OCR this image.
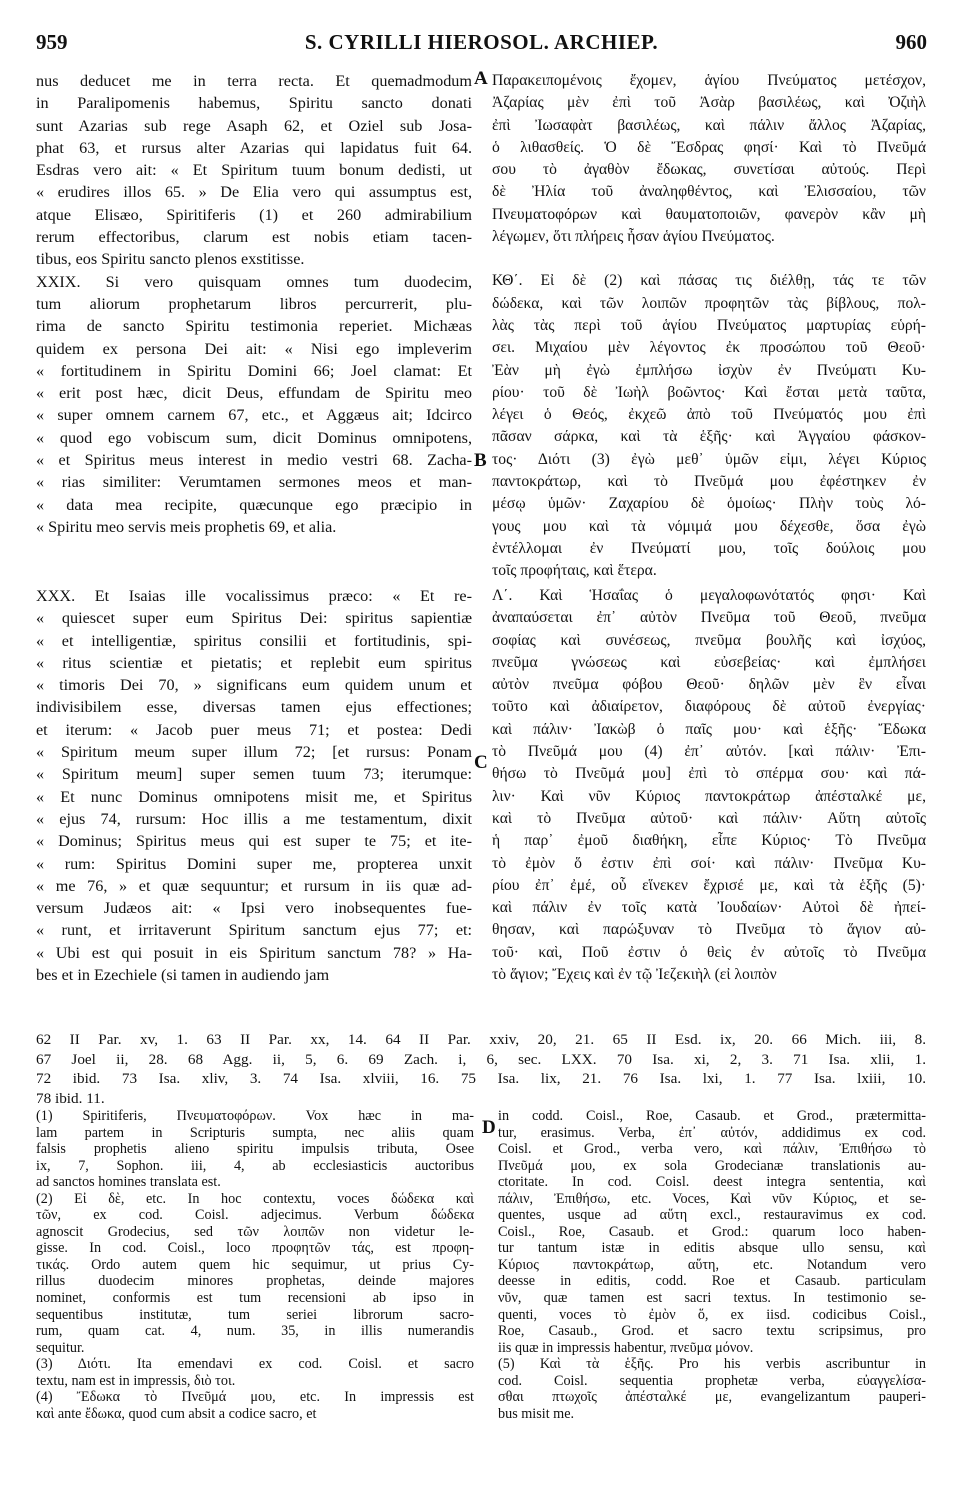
959	S. CYRILLI HIEROSOL. ARCHIEP.	960
nus deducet me in terra recta. Et quemadmodum
in Paralipomenis habemus, Spiritu sancto donati
sunt Azarias sub rege Asaph 62, et Oziel sub Josa-
phat 63, et rursus alter Azarias qui lapidatus fuit 64.
Esdras vero ait: « Et Spiritum tuum bonum dedisti, ut
« erudires illos 65. » De Elia vero qui assumptus est,
atque Elisæo, Spiritiferis (1) et 260 admirabilium
rerum effectoribus, clarum est nobis etiam tacen-
tibus, eos Spiritu sancto plenos exstitisse.
XXIX. Si vero quisquam omnes tum duodecim,
tum aliorum prophetarum libros percurrerit, plu-
rima de sancto Spiritu testimonia reperiet. Michæas
quidem ex persona Dei ait: « Nisi ego impleverim
« fortitudinem in Spiritu Domini 66; Joel clamat: Et
« erit post hæc, dicit Deus, effundam de Spiritu meo
« super omnem carnem 67, etc., et Aggæus ait; Idcirco
« quod ego vobiscum sum, dicit Dominus omnipotens,
« et Spiritus meus interest in medio vestri 68. Zacha-
« rias similiter: Verumtamen sermones meos et man-
« data mea recipite, quæcunque ego præcipio in
« Spiritu meo servis meis prophetis 69, et alia.
XXX. Et Isaias ille vocalissimus præco: « Et re-
« quiescet super eum Spiritus Dei: spiritus sapientiæ
« et intelligentiæ, spiritus consilii et fortitudinis, spi-
« ritus scientiæ et pietatis; et replebit eum spiritus
« timoris Dei 70, » significans eum quidem unum et
indivisibilem esse, diversas tamen ejus effectiones;
et iterum: « Jacob puer meus 71; et postea: Dedi
« Spiritum meum super illum 72; [et rursus: Ponam
« Spiritum meum] super semen tuum 73; iterumque:
« Et nunc Dominus omnipotens misit me, et Spiritus
« ejus 74, rursum: Hoc illis a me testamentum, dixit
« Dominus; Spiritus meus qui est super te 75; et ite-
« rum: Spiritus Domini super me, propterea unxit
« me 76, » et quæ sequuntur; et rursum in iis quæ ad-
versum Judæos ait: « Ipsi vero inobsequentes fue-
« runt, et irritaverunt Spiritum sanctum ejus 77; et:
« Ubi est qui posuit in eis Spiritum sanctum 78? » Ha-
bes et in Ezechiele (si tamen in audiendo jam
Παρακειπομένοις ἔχομεν, ἁγίου Πνεύματος μετέσχον,
Ἀζαρίας μὲν ἐπὶ τοῦ Ἀσὰρ βασιλέως, καὶ Ὀζιὴλ
ἐπὶ Ἰωσαφὰτ βασιλέως, καὶ πάλιν ἄλλος Ἀζαρίας,
ὁ λιθασθείς. Ὁ δὲ Ἔσδρας φησί· Καὶ τὸ Πνεῦμά
σου τὸ ἀγαθὸν ἔδωκας, συνετίσαι αὐτούς. Περὶ
δὲ Ἠλία τοῦ ἀναληφθέντος, καὶ Ἐλισσαίου, τῶν
Πνευματοφόρων καὶ θαυματοποιῶν, φανερὸν κἂν μὴ
λέγωμεν, ὅτι πλήρεις ἦσαν ἁγίου Πνεύματος.
ΚΘ΄. Εἰ δὲ (2) καὶ πάσας τις διέλθῃ, τάς τε τῶν
δώδεκα, καὶ τῶν λοιπῶν προφητῶν τὰς βίβλους, πολ-
λὰς τὰς περὶ τοῦ ἁγίου Πνεύματος μαρτυρίας εὑρή-
σει. Μιχαίου μὲν λέγοντος ἐκ προσώπου τοῦ Θεοῦ·
Ἐὰν μὴ ἐγὼ ἐμπλήσω ἰσχὺν ἐν Πνεύματι Κυ-
ρίου· τοῦ δὲ Ἰωὴλ βοῶντος· Καὶ ἔσται μετὰ ταῦτα,
λέγει ὁ Θεός, ἐκχεῶ ἀπὸ τοῦ Πνεύματός μου ἐπὶ
πᾶσαν σάρκα, καὶ τὰ ἑξῆς· καὶ Ἀγγαίου φάσκον-
τος· Διότι (3) ἐγὼ μεθ᾽ ὑμῶν εἰμι, λέγει Κύριος
παντοκράτωρ, καὶ τὸ Πνεῦμά μου ἐφέστηκεν ἐν
μέσῳ ὑμῶν· Ζαχαρίου δὲ ὁμοίως· Πλὴν τοὺς λό-
γους μου καὶ τὰ νόμιμά μου δέχεσθε, ὅσα ἐγὼ
ἐντέλλομαι ἐν Πνεύματί μου, τοῖς δούλοις μου
τοῖς προφήταις, καὶ ἕτερα.
Λ΄. Καὶ Ἡσαΐας ὁ μεγαλοφωνότατός φησι· Καὶ
ἀναπαύσεται ἐπ᾽ αὐτὸν Πνεῦμα τοῦ Θεοῦ, πνεῦμα
σοφίας καὶ συνέσεως, πνεῦμα βουλῆς καὶ ἰσχύος,
πνεῦμα γνώσεως καὶ εὐσεβείας· καὶ ἐμπλήσει
αὐτὸν πνεῦμα φόβου Θεοῦ· δηλῶν μὲν ἓν εἶναι
τοῦτο καὶ ἀδιαίρετον, διαφόρους δὲ αὐτοῦ ἐνεργίας·
καὶ πάλιν· Ἰακὼβ ὁ παῖς μου· καὶ ἑξῆς· Ἔδωκα
τὸ Πνεῦμά μου (4) ἐπ᾽ αὐτόν. [καὶ πάλιν· Ἐπι-
θήσω τὸ Πνεῦμά μου] ἐπὶ τὸ σπέρμα σου· καὶ πά-
λιν· Καὶ νῦν Κύριος παντοκράτωρ ἀπέσταλκέ με,
καὶ τὸ Πνεῦμα αὐτοῦ· καὶ πάλιν· Αὕτη αὐτοῖς
ἡ παρ᾽ ἐμοῦ διαθήκη, εἶπε Κύριος· Τὸ Πνεῦμα
τὸ ἐμὸν ὅ ἐστιν ἐπὶ σοί· καὶ πάλιν· Πνεῦμα Κυ-
ρίου ἐπ᾽ ἐμέ, οὗ εἵνεκεν ἔχρισέ με, καὶ τὰ ἑξῆς (5)·
καὶ πάλιν ἐν τοῖς κατὰ Ἰουδαίων· Αὐτοὶ δὲ ἠπεί-
θησαν, καὶ παρώξυναν τὸ Πνεῦμα τὸ ἅγιον αὐ-
τοῦ· καὶ, Ποῦ ἐστιν ὁ θεὶς ἐν αὐτοῖς τὸ Πνεῦμα
τὸ ἅγιον; Ἔχεις καὶ ἐν τῷ Ἰεζεκιὴλ (εἰ λοιπὸν
A
B
C
D
62 II Par. xv, 1. 63 II Par. xx, 14. 64 II Par. xxiv, 20, 21. 65 II Esd. ix, 20. 66 Mich. iii, 8.
67 Joel ii, 28. 68 Agg. ii, 5, 6. 69 Zach. i, 6, sec. LXX. 70 Isa. xi, 2, 3. 71 Isa. xlii, 1.
72 ibid. 73 Isa. xliv, 3. 74 Isa. xlviii, 16. 75 Isa. lix, 21. 76 Isa. lxi, 1. 77 Isa. lxiii, 10.
78 ibid. 11.
(1) Spiritiferis, Πνευματοφόρων. Vox hæc in ma-
lam partem in Scripturis sumpta, nec aliis quam
falsis prophetis alieno spiritu impulsis tributa, Osee
ix, 7, Sophon. iii, 4, ab ecclesiasticis auctoribus
ad sanctos homines translata est.
(2) Εἰ δὲ, etc. In hoc contextu, voces δώδεκα καὶ
τῶν, ex cod. Coisl. adjecimus. Verbum δώδεκα
agnoscit Grodecius, sed τῶν λοιπῶν non videtur le-
gisse. In cod. Coisl., loco προφητῶν τάς, est προφη-
τικάς. Ordo autem quem hic sequimur, ut prius Cy-
rillus duodecim minores prophetas, deinde majores
nominet, conformis est tum recensioni ab ipso in
sequentibus institutæ, tum seriei librorum sacro-
rum, quam cat. 4, num. 35, in illis numerandis
sequitur.
(3) Διότι. Ita emendavi ex cod. Coisl. et sacro
textu, nam est in impressis, διὸ τοι.
(4) Ἔδωκα τὸ Πνεῦμά μου, etc. In impressis est
καὶ ante ἔδωκα, quod cum absit a codice sacro, et
in codd. Coisl., Roe, Casaub. et Grod., prætermitta-
tur, erasimus. Verba, ἐπ᾽ αὐτόν, addidimus ex cod.
Coisl. et Grod., verba vero, καὶ πάλιν, Ἐπιθήσω τὸ
Πνεῦμά μου, ex sola Grodecianæ translationis au-
ctoritate. In cod. Coisl. deest integra sententia, καὶ
πάλιν, Ἐπιθήσω, etc. Voces, Καὶ νῦν Κύριος, et se-
quentes, usque ad αὕτη excl., restauravimus ex cod.
Coisl., Roe, Casaub. et Grod.: quarum loco haben-
tur tantum istæ in editis absque ullo sensu, καὶ
Κύριος παντοκράτωρ, αὕτη, etc. Notandum vero
deesse in editis, codd. Roe et Casaub. particulam
νῦν, quæ tamen est sacri textus. In testimonio se-
quenti, voces τὸ ἐμὸν ὅ, ex iisd. codicibus Coisl.,
Roe, Casaub., Grod. et sacro textu scripsimus, pro
iis quæ in impressis habentur, πνεῦμα μόνον.
(5) Καὶ τὰ ἑξῆς. Pro his verbis ascribuntur in
cod. Coisl. sequentia prophetæ verba, εὐαγγελίσα-
σθαι πτωχοῖς ἀπέσταλκέ με, evangelizantum pauperi-
bus misit me.
